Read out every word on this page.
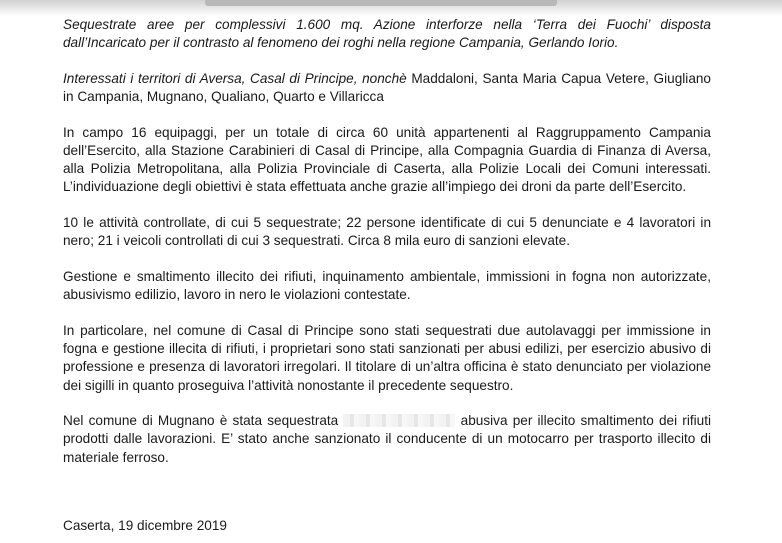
Sequestrate aree per complessivi 1.600 mq. Azione interforze nella ‘Terra dei Fuochi’ disposta dall’Incaricato per il contrasto al fenomeno dei roghi nella regione Campania, Gerlando Iorio.

Interessati i territori di Aversa, Casal di Principe, nonchè Maddaloni, Santa Maria Capua Vetere, Giugliano in Campania, Mugnano, Qualiano, Quarto e Villaricca

In campo 16 equipaggi, per un totale di circa 60 unità appartenenti al Raggruppamento Campania dell’Esercito, alla Stazione Carabinieri di Casal di Principe, alla Compagnia Guardia di Finanza di Aversa, alla Polizia Metropolitana, alla Polizia Provinciale di Caserta, alla Polizie Locali dei Comuni interessati. L’individuazione degli obiettivi è stata effettuata anche grazie all’impiego dei droni da parte dell’Esercito.

10 le attività controllate, di cui 5 sequestrate; 22 persone identificate di cui 5 denunciate e 4 lavoratori in nero; 21 i veicoli controllati di cui 3 sequestrati. Circa 8 mila euro di sanzioni elevate.

Gestione e smaltimento illecito dei rifiuti, inquinamento ambientale, immissioni in fogna non autorizzate, abusivismo edilizio, lavoro in nero le violazioni contestate.

In particolare, nel comune di Casal di Principe sono stati sequestrati due autolavaggi per immissione in fogna e gestione illecita di rifiuti, i proprietari sono stati sanzionati per abusi edilizi, per esercizio abusivo di professione e presenza di lavoratori irregolari. Il titolare di un’altra officina è stato denunciato per violazione dei sigilli in quanto proseguiva l’attività nonostante il precedente sequestro.

Nel comune di Mugnano è stata sequestrata	abusiva per illecito smaltimento dei rifiuti prodotti dalle lavorazioni. E’ stato anche sanzionato il conducente di un motocarro per trasporto illecito di materiale ferroso.

Caserta, 19 dicembre 2019
